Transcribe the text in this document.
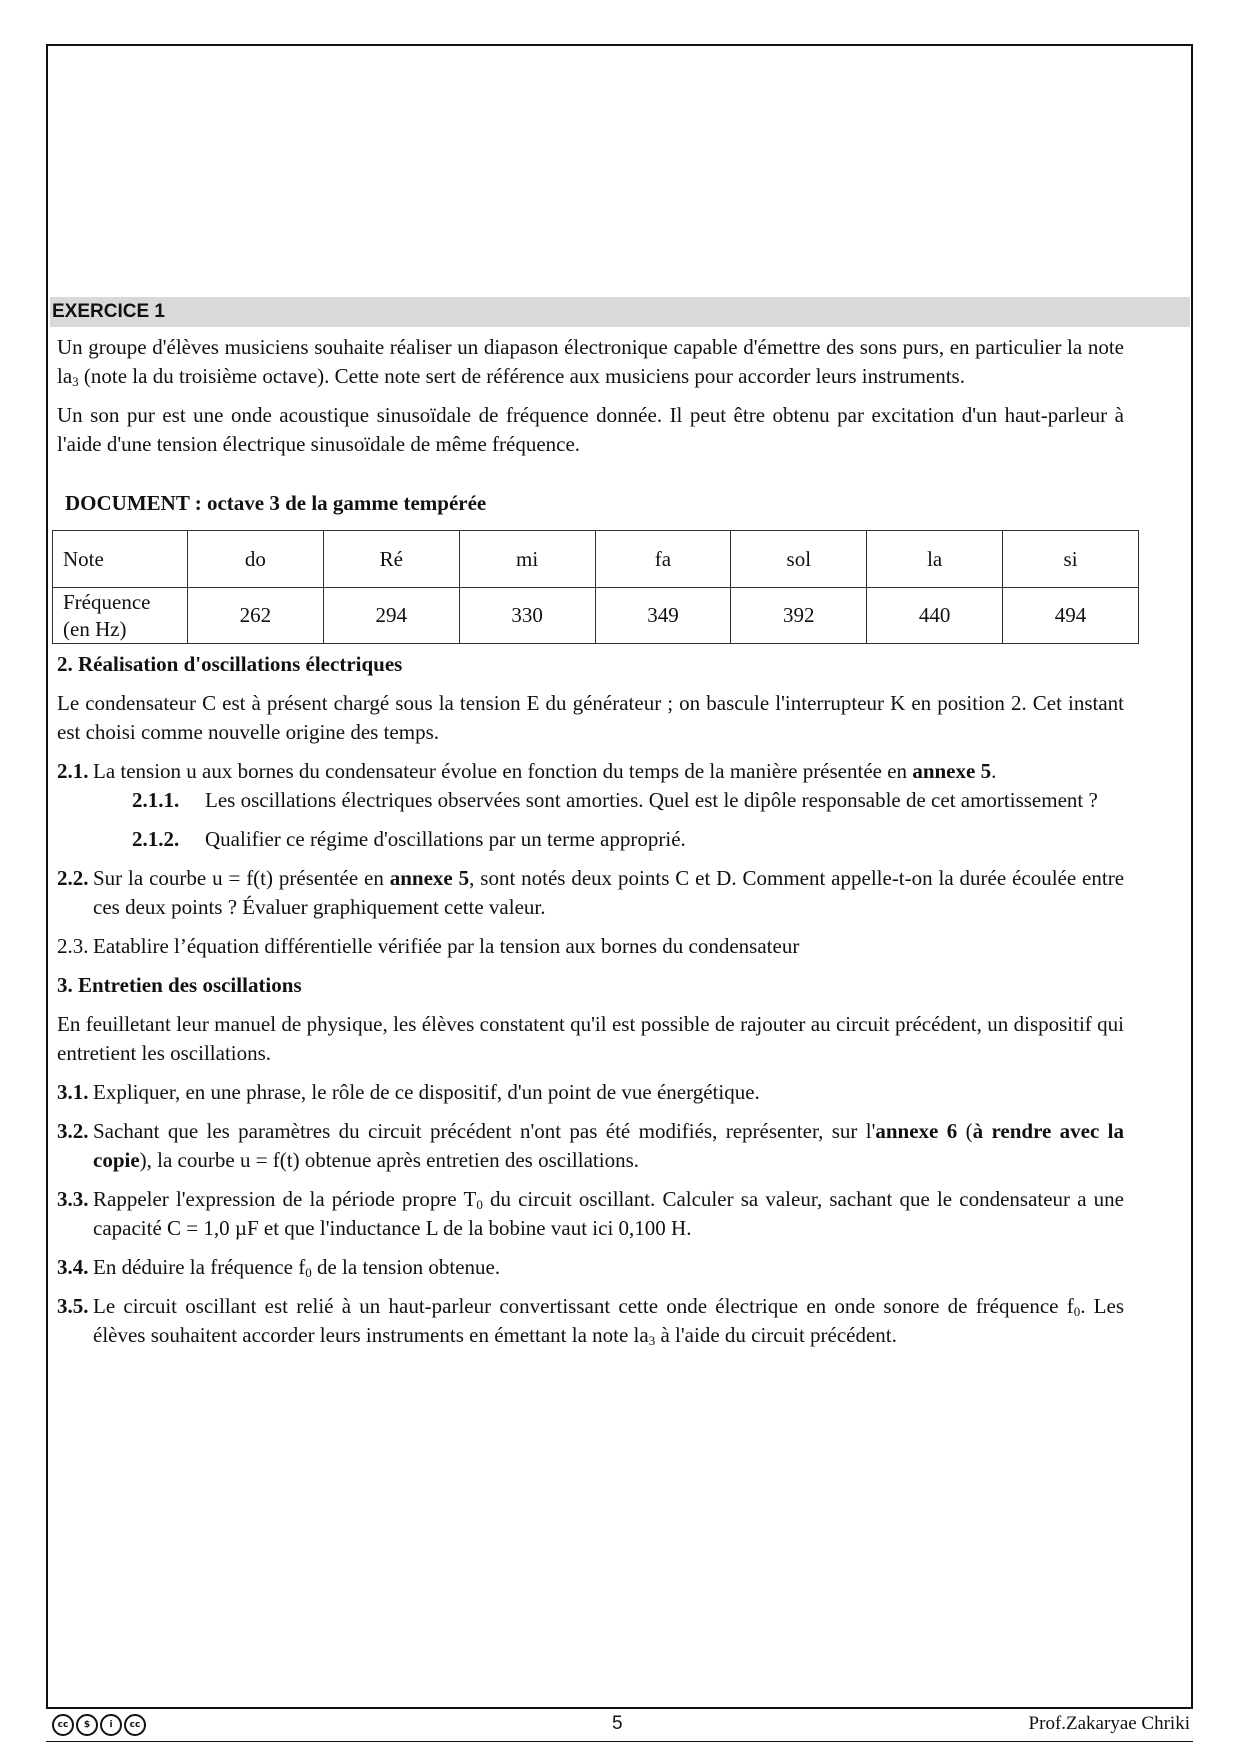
EXERCICE 1

Un groupe d'élèves musiciens souhaite réaliser un diapason électronique capable d'émettre des sons purs, en particulier la note $la_3$ (note la du troisième octave). Cette note sert de référence aux musiciens pour accorder leurs instruments.

Un son pur est une onde acoustique sinusoïdale de fréquence donnée. Il peut être obtenu par excitation d'un haut-parleur à l'aide d'une tension électrique sinusoïdale de même fréquence.

DOCUMENT : octave 3 de la gamme tempérée

Note	do	Ré	mi	fa	sol	la	si
Fréquence
(en Hz)	262	294	330	349	392	440	494

2. Réalisation d'oscillations électriques

Le condensateur C est à présent chargé sous la tension E du générateur ; on bascule l'interrupteur K en position 2. Cet instant est choisi comme nouvelle origine des temps.

2.1. La tension u aux bornes du condensateur évolue en fonction du temps de la manière présentée en annexe 5.
2.1.1. Les oscillations électriques observées sont amorties. Quel est le dipôle responsable de cet amortissement ?
2.1.2. Qualifier ce régime d'oscillations par un terme approprié.
2.2. Sur la courbe u = f(t) présentée en annexe 5, sont notés deux points C et D. Comment appelle-t-on la durée écoulée entre ces deux points ? Évaluer graphiquement cette valeur.
2.3. Eatablire l’équation différentielle vérifiée par la tension aux bornes du condensateur

3. Entretien des oscillations

En feuilletant leur manuel de physique, les élèves constatent qu'il est possible de rajouter au circuit précédent, un dispositif qui entretient les oscillations.

3.1. Expliquer, en une phrase, le rôle de ce dispositif, d'un point de vue énergétique.
3.2. Sachant que les paramètres du circuit précédent n'ont pas été modifiés, représenter, sur l'annexe 6 (à rendre avec la copie), la courbe u = f(t) obtenue après entretien des oscillations.
3.3. Rappeler l'expression de la période propre $T_0$ du circuit oscillant. Calculer sa valeur, sachant que le condensateur a une capacité C = 1,0 µF et que l'inductance L de la bobine vaut ici 0,100 H.
3.4. En déduire la fréquence $f_0$ de la tension obtenue.
3.5. Le circuit oscillant est relié à un haut-parleur convertissant cette onde électrique en onde sonore de fréquence $f_0$. Les élèves souhaitent accorder leurs instruments en émettant la note $la_3$ à l'aide du circuit précédent.
cc	$	i	cc	5	Prof.Zakaryae Chriki
